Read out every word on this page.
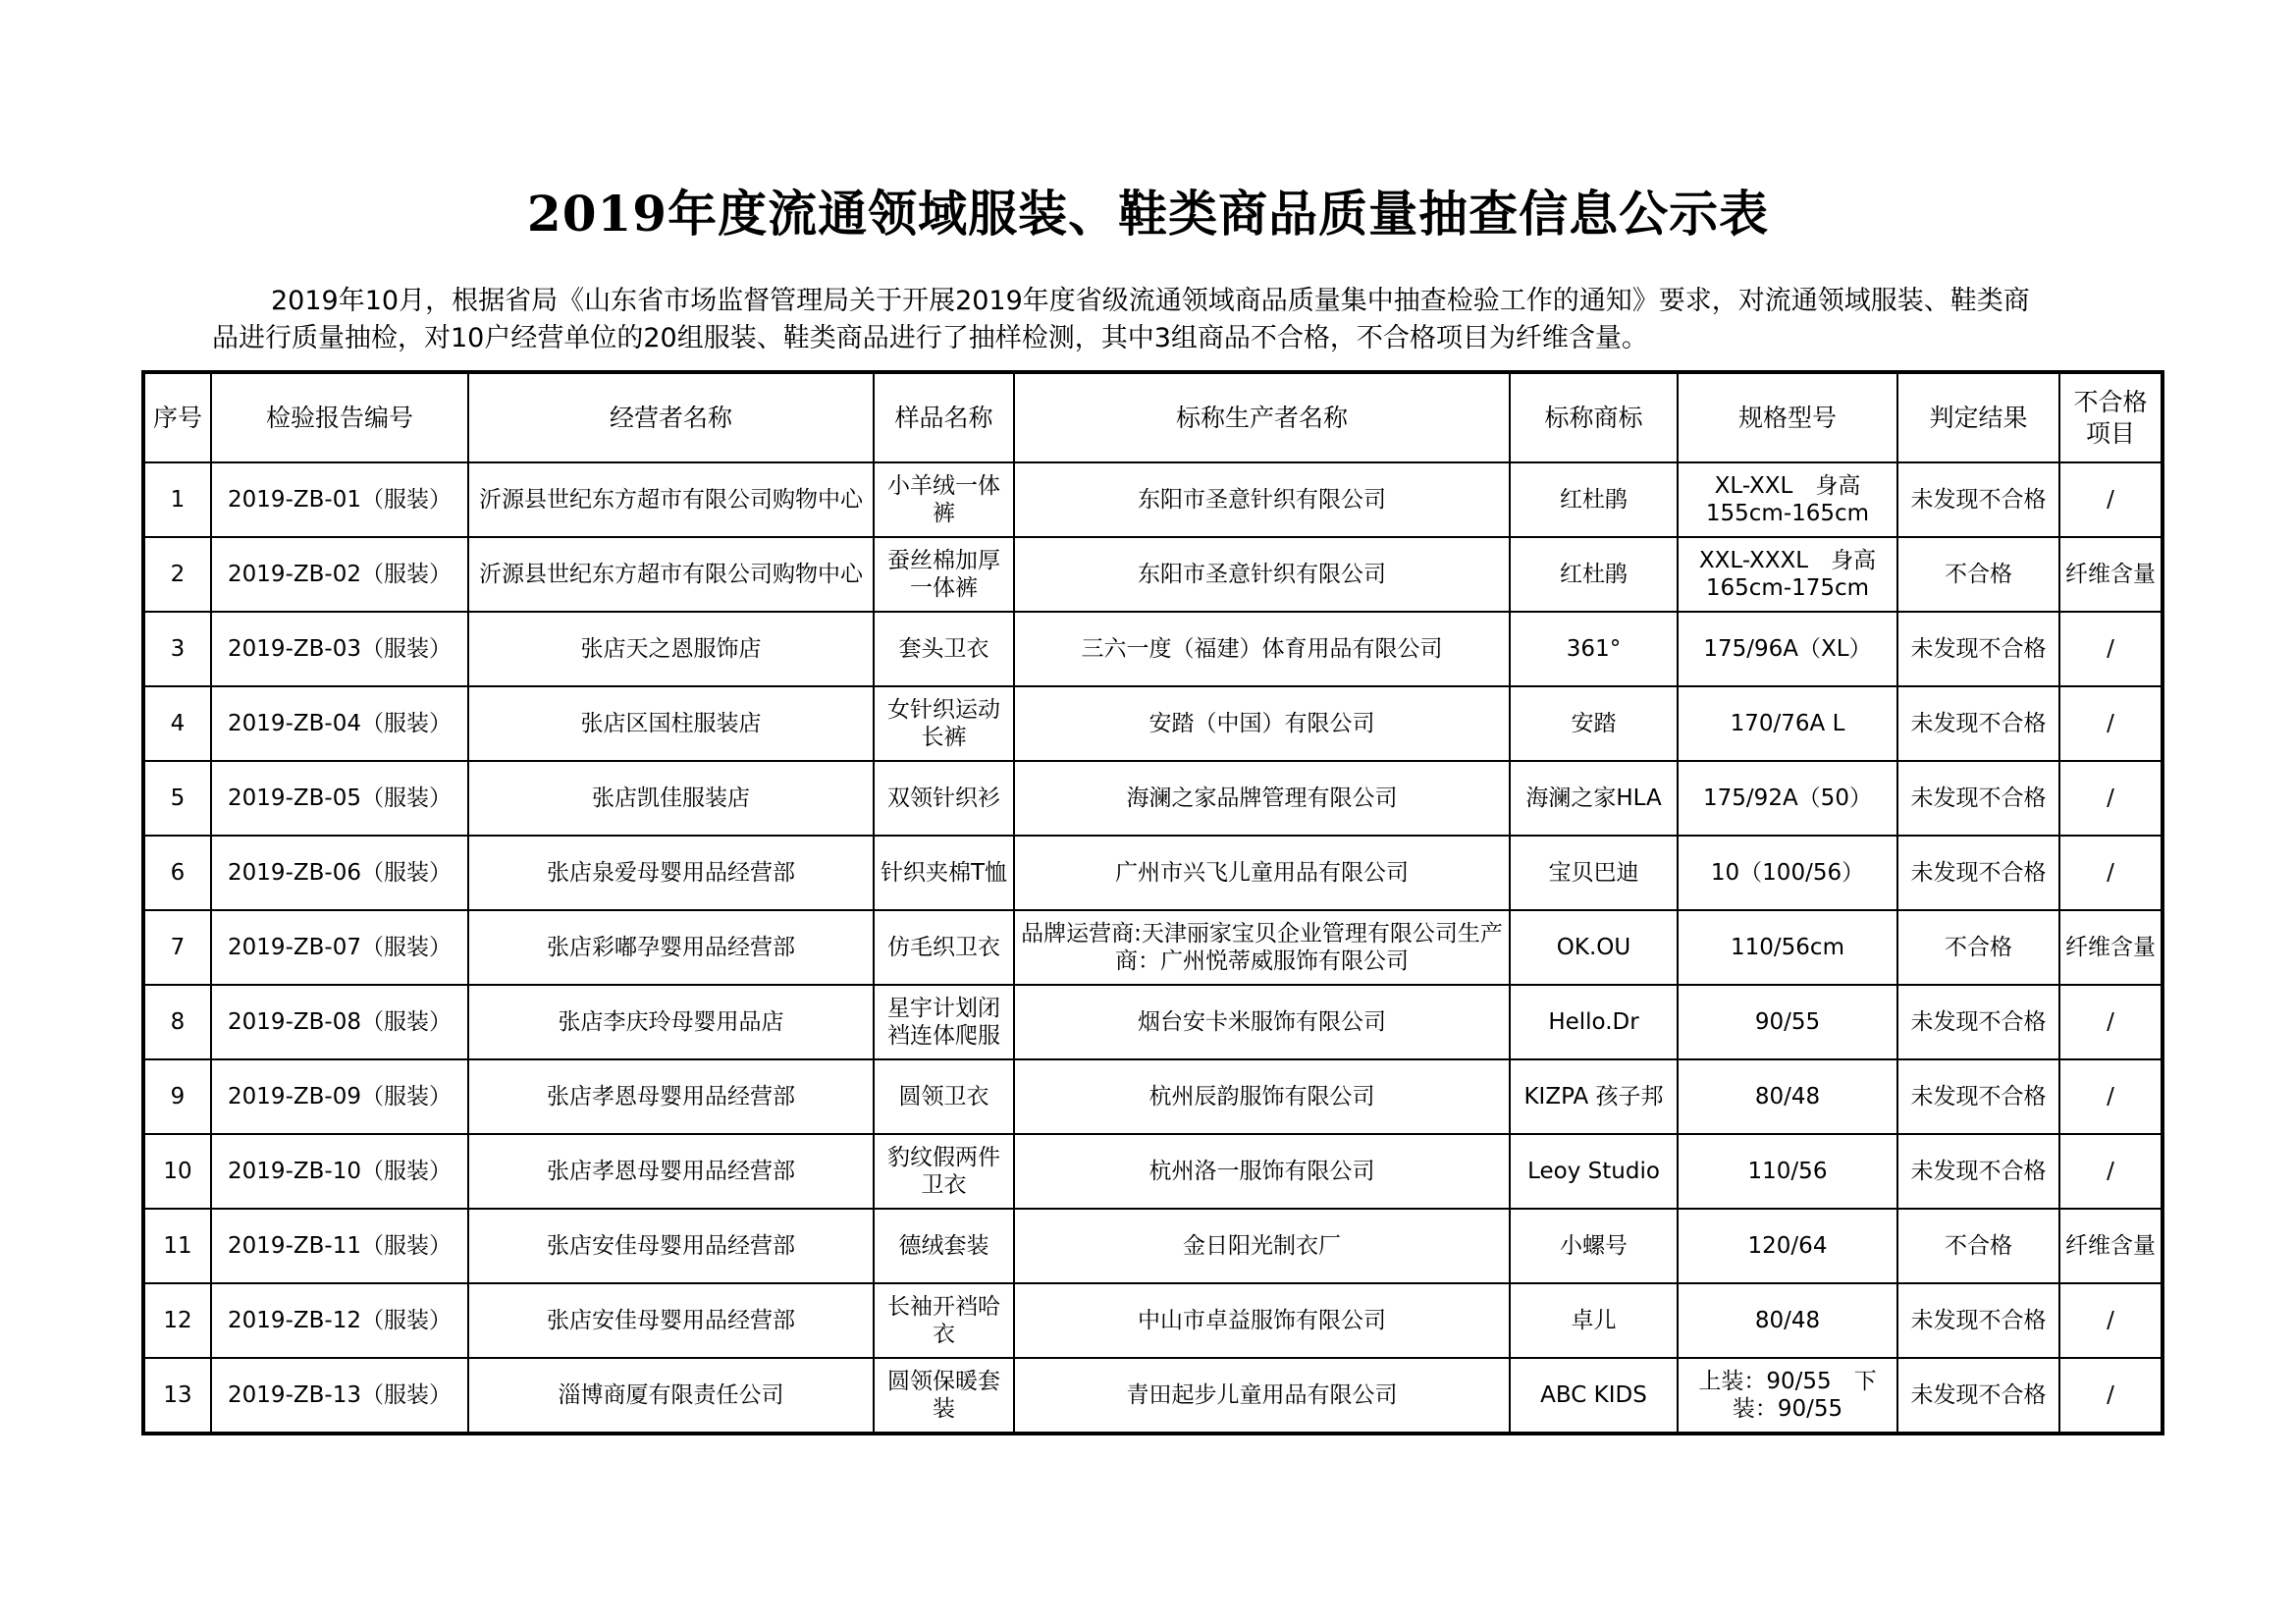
2019年度流通领域服装、鞋类商品质量抽查信息公示表
2019年10月，根据省局《山东省市场监督管理局关于开展2019年度省级流通领域商品质量集中抽查检验工作的通知》要求，对流通领域服装、鞋类商品进行质量抽检，对10户经营单位的20组服装、鞋类商品进行了抽样检测，其中3组商品不合格，不合格项目为纤维含量。
序号	检验报告编号	经营者名称	样品名称	标称生产者名称	标称商标	规格型号	判定结果	不合格项目
1	2019-ZB-01（服装）	沂源县世纪东方超市有限公司购物中心	小羊绒一体裤	东阳市圣意针织有限公司	红杜鹃	XL-XXL　身高155cm-165cm	未发现不合格	/
2	2019-ZB-02（服装）	沂源县世纪东方超市有限公司购物中心	蚕丝棉加厚一体裤	东阳市圣意针织有限公司	红杜鹃	XXL-XXXL　身高165cm-175cm	不合格	纤维含量
3	2019-ZB-03（服装）	张店天之恩服饰店	套头卫衣	三六一度（福建）体育用品有限公司	361°	175/96A（XL）	未发现不合格	/
4	2019-ZB-04（服装）	张店区国柱服装店	女针织运动长裤	安踏（中国）有限公司	安踏	170/76A L	未发现不合格	/
5	2019-ZB-05（服装）	张店凯佳服装店	双领针织衫	海澜之家品牌管理有限公司	海澜之家HLA	175/92A（50）	未发现不合格	/
6	2019-ZB-06（服装）	张店泉爱母婴用品经营部	针织夹棉T恤	广州市兴飞儿童用品有限公司	宝贝巴迪	10（100/56）	未发现不合格	/
7	2019-ZB-07（服装）	张店彩嘟孕婴用品经营部	仿毛织卫衣	品牌运营商:天津丽家宝贝企业管理有限公司生产商：广州悦蒂威服饰有限公司	OK.OU	110/56cm	不合格	纤维含量
8	2019-ZB-08（服装）	张店李庆玲母婴用品店	星宇计划闭裆连体爬服	烟台安卡米服饰有限公司	Hello.Dr	90/55	未发现不合格	/
9	2019-ZB-09（服装）	张店孝恩母婴用品经营部	圆领卫衣	杭州辰韵服饰有限公司	KIZPA 孩子邦	80/48	未发现不合格	/
10	2019-ZB-10（服装）	张店孝恩母婴用品经营部	豹纹假两件卫衣	杭州洛一服饰有限公司	Leoy Studio	110/56	未发现不合格	/
11	2019-ZB-11（服装）	张店安佳母婴用品经营部	德绒套装	金日阳光制衣厂	小螺号	120/64	不合格	纤维含量
12	2019-ZB-12（服装）	张店安佳母婴用品经营部	长袖开裆哈衣	中山市卓益服饰有限公司	卓儿	80/48	未发现不合格	/
13	2019-ZB-13（服装）	淄博商厦有限责任公司	圆领保暖套装	青田起步儿童用品有限公司	ABC KIDS	上装：90/55　下装：90/55	未发现不合格	/
